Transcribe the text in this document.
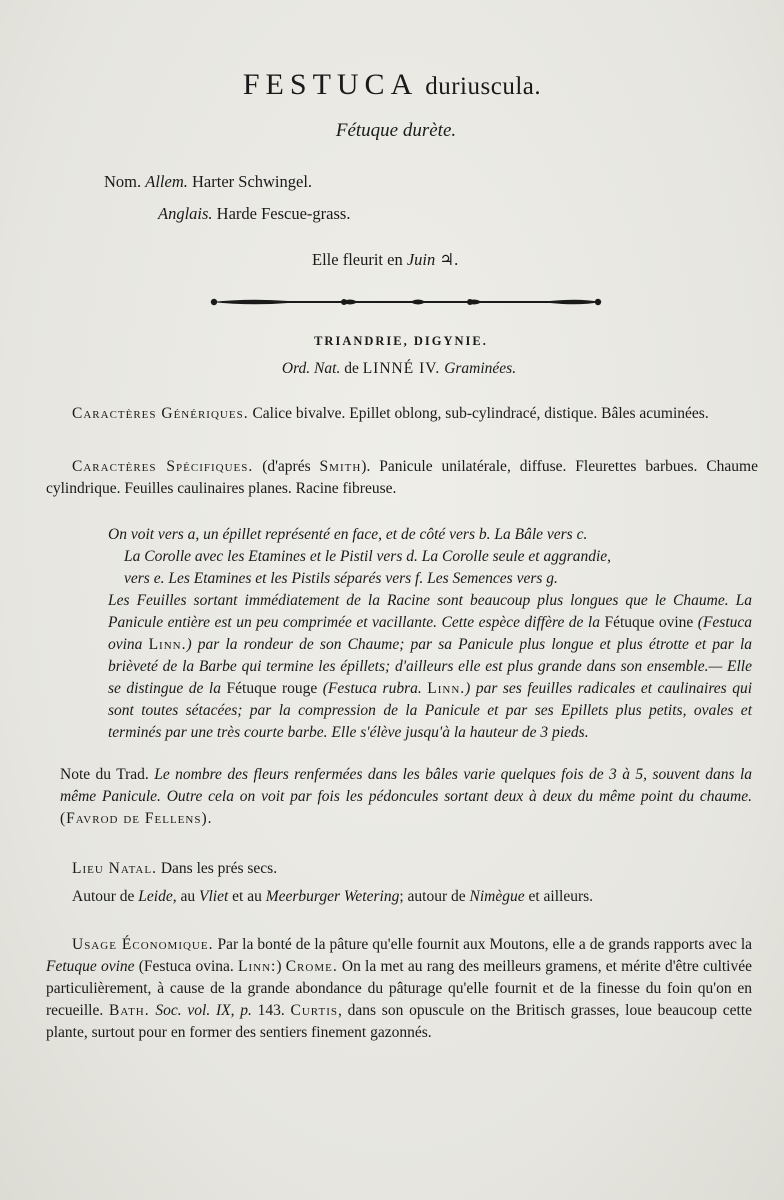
FESTUCA duriuscula.
Fétuque durète.
Nom. Allem. Harter Schwingel.
Anglais. Harde Fescue-grass.
Elle fleurit en Juin ♃.
TRIANDRIE, DIGYNIE.
Ord. Nat. de LINNÉ IV. Graminées.

Caractères Génériques. Calice bivalve. Epillet oblong, sub-cylindracé, distique. Bâles acuminées.

Caractères Spécifiques. (d'aprés Smith). Panicule unilatérale, diffuse. Fleurettes barbues. Chaume cylindrique. Feuilles caulinaires planes. Racine fibreuse.

On voit vers a, un épillet représenté en face, et de côté vers b. La Bâle vers c.
La Corolle avec les Etamines et le Pistil vers d. La Corolle seule et aggrandie,
vers e. Les Etamines et les Pistils séparés vers f. Les Semences vers g.
Les Feuilles sortant immédiatement de la Racine sont beaucoup plus longues que le Chaume. La Panicule entière est un peu comprimée et vacillante. Cette espèce diffère de la Fétuque ovine (Festuca ovina Linn.) par la rondeur de son Chaume; par sa Panicule plus longue et plus étrotte et par la brièveté de la Barbe qui termine les épillets; d'ailleurs elle est plus grande dans son ensemble.— Elle se distingue de la Fétuque rouge (Festuca rubra. Linn.) par ses feuilles radicales et caulinaires qui sont toutes sétacées; par la compression de la Panicule et par ses Epillets plus petits, ovales et terminés par une très courte barbe. Elle s'élève jusqu'à la hauteur de 3 pieds.

Note du Trad. Le nombre des fleurs renfermées dans les bâles varie quelques fois de 3 à 5, souvent dans la même Panicule. Outre cela on voit par fois les pédoncules sortant deux à deux du même point du chaume. (Favrod de Fellens).

Lieu Natal. Dans les prés secs.

Autour de Leide, au Vliet et au Meerburger Wetering; autour de Nimègue et ailleurs.

Usage Économique. Par la bonté de la pâture qu'elle fournit aux Moutons, elle a de grands rapports avec la Fetuque ovine (Festuca ovina. Linn:) Crome. On la met au rang des meilleurs gramens, et mérite d'être cultivée particulièrement, à cause de la grande abondance du pâturage qu'elle fournit et de la finesse du foin qu'on en recueille. Bath. Soc. vol. IX, p. 143. Curtis, dans son opuscule on the Britisch grasses, loue beaucoup cette plante, surtout pour en former des sentiers finement gazonnés.
